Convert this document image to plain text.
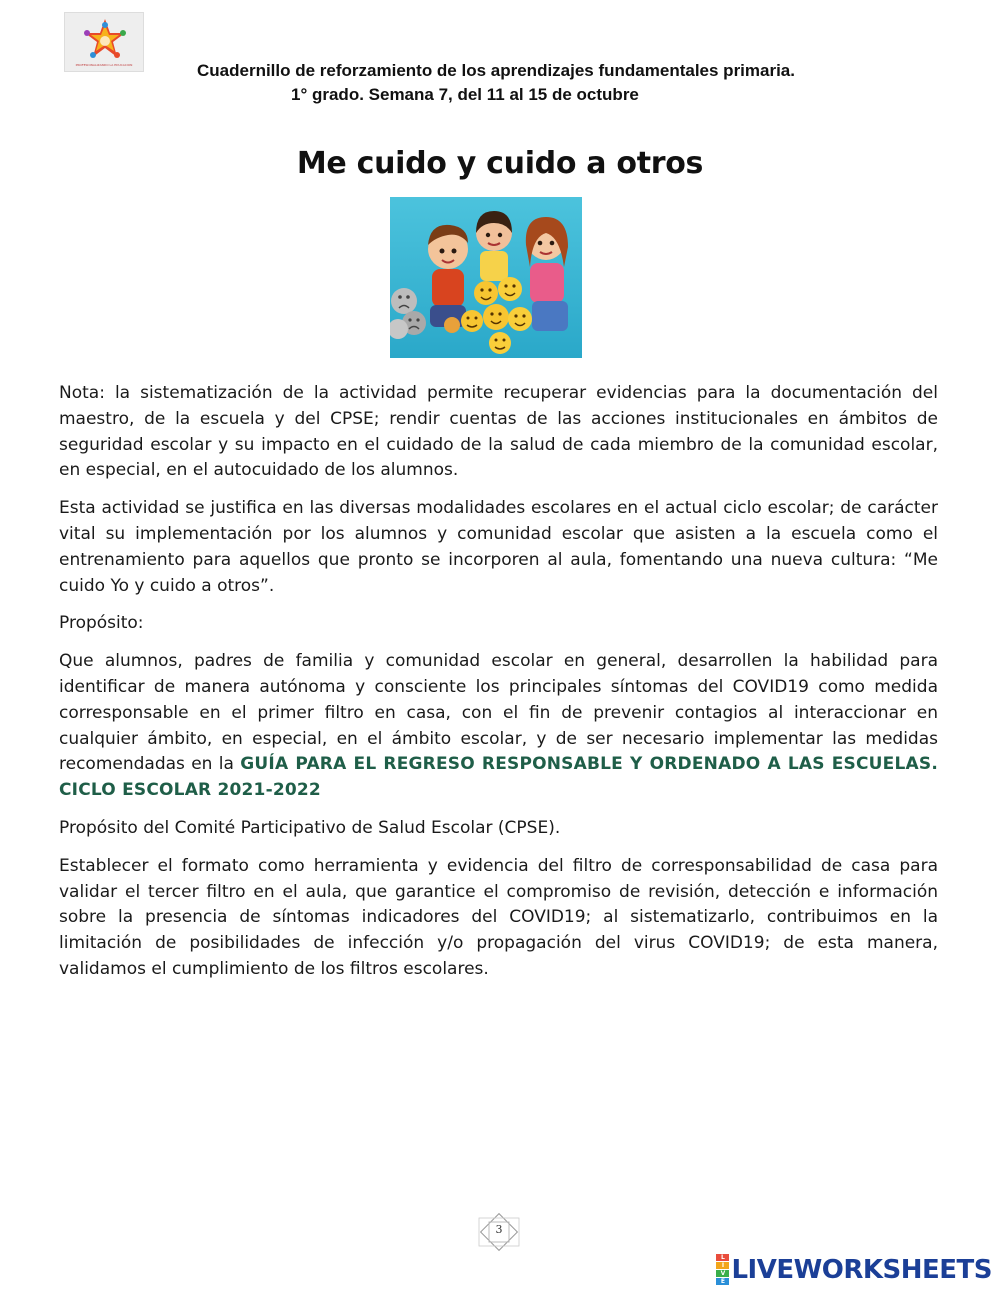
PROFESIONALIZANDO LA EDUCACION	Cuadernillo de reforzamiento de los aprendizajes fundamentales primaria.
1° grado. Semana 7, del 11 al 15 de octubre
Me cuido y cuido a otros

Nota: la sistematización de la actividad permite recuperar evidencias para la documentación del maestro, de la escuela y del CPSE; rendir cuentas de las acciones institucionales en ámbitos de seguridad escolar y su impacto en el cuidado de la salud de cada miembro de la comunidad escolar, en especial, en el autocuidado de los alumnos.

Esta actividad se justifica en las diversas modalidades escolares en el actual ciclo escolar; de carácter vital su implementación por los alumnos y comunidad escolar que asisten a la escuela como el entrenamiento para aquellos que pronto se incorporen al aula, fomentando una nueva cultura: “Me cuido Yo y cuido a otros”.

Propósito:

Que alumnos, padres de familia y comunidad escolar en general, desarrollen la habilidad para identificar de manera autónoma y consciente los principales síntomas del COVID19 como medida corresponsable en el primer filtro en casa, con el fin de prevenir contagios al interaccionar en cualquier ámbito, en especial, en el ámbito escolar, y de ser necesario implementar las medidas recomendadas en la GUÍA PARA EL REGRESO RESPONSABLE Y ORDENADO A LAS ESCUELAS. CICLO ESCOLAR 2021-2022

Propósito del Comité Participativo de Salud Escolar (CPSE).

Establecer el formato como herramienta y evidencia del filtro de corresponsabilidad de casa para validar el tercer filtro en el aula, que garantice el compromiso de revisión, detección e información sobre la presencia de síntomas indicadores del COVID19; al sistematizarlo, contribuimos en la limitación de posibilidades de infección y/o propagación del virus COVID19; de esta manera, validamos el cumplimiento de los filtros escolares.

3
L
I
V
E LIVEWORKSHEETS
